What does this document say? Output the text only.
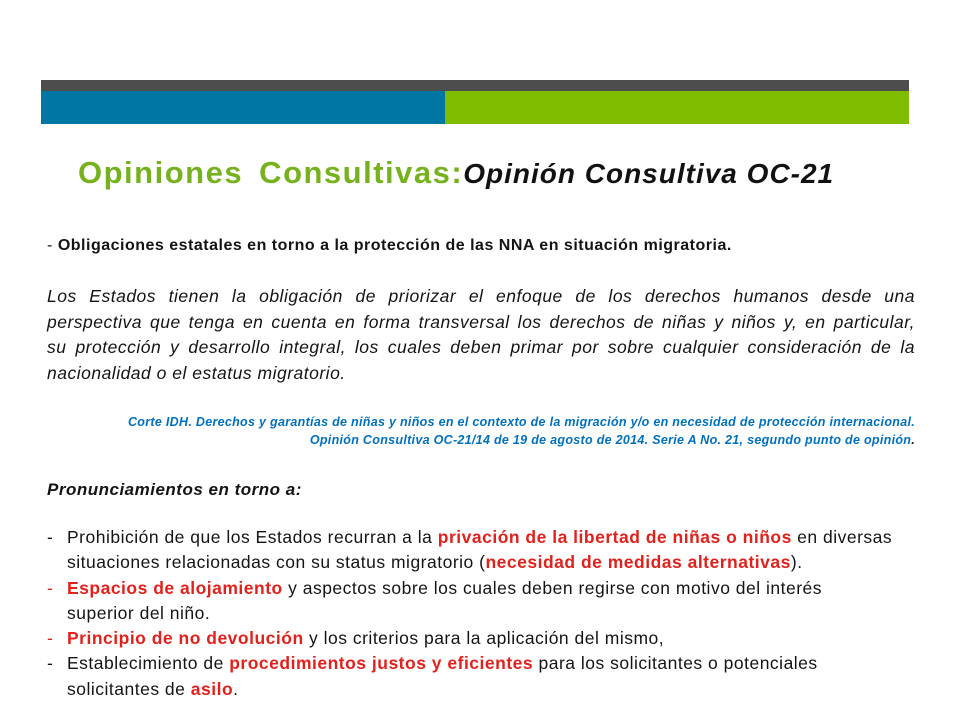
Opiniones Consultivas:Opinión Consultiva OC-21
- Obligaciones estatales en torno a la protección de las NNA en situación migratoria.
Los Estados tienen la obligación de priorizar el enfoque de los derechos humanos desde una
perspectiva que tenga en cuenta en forma transversal los derechos de niñas y niños y, en particular,
su protección y desarrollo integral, los cuales deben primar por sobre cualquier consideración de la
nacionalidad o el estatus migratorio.
Corte IDH. Derechos y garantías de niñas y niños en el contexto de la migración y/o en necesidad de protección internacional.
Opinión Consultiva OC-21/14 de 19 de agosto de 2014. Serie A No. 21, segundo punto de opinión.
Pronunciamientos en torno a:
- Prohibición de que los Estados recurran a la privación de la libertad de niñas o niños en diversas
situaciones relacionadas con su status migratorio (necesidad de medidas alternativas).
- Espacios de alojamiento y aspectos sobre los cuales deben regirse con motivo del interés
superior del niño.
- Principio de no devolución y los criterios para la aplicación del mismo,
- Establecimiento de procedimientos justos y eficientes para los solicitantes o potenciales
solicitantes de asilo.
